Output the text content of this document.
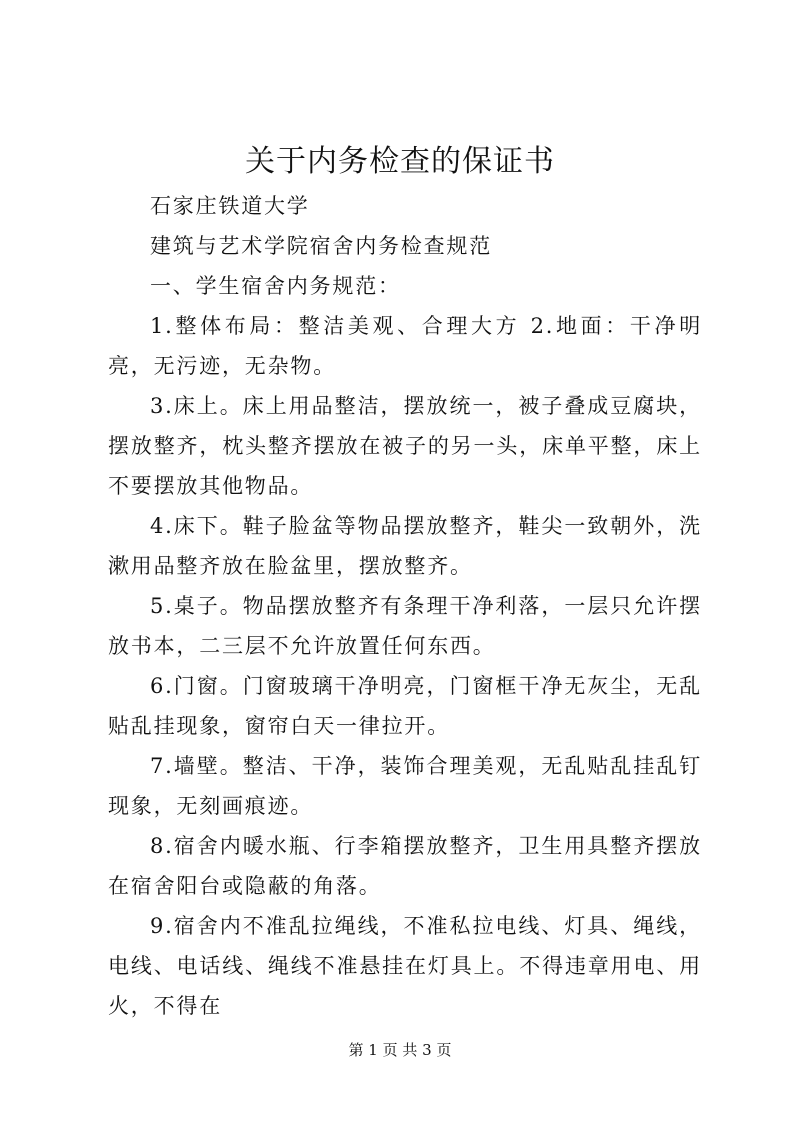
关于内务检查的保证书

石家庄铁道大学

建筑与艺术学院宿舍内务检查规范

一、学生宿舍内务规范：

1.整体布局：整洁美观、合理大方 2.地面：干净明亮，无污迹，无杂物。

3.床上。床上用品整洁，摆放统一，被子叠成豆腐块，摆放整齐，枕头整齐摆放在被子的另一头，床单平整，床上不要摆放其他物品。

4.床下。鞋子脸盆等物品摆放整齐，鞋尖一致朝外，洗漱用品整齐放在脸盆里，摆放整齐。

5.桌子。物品摆放整齐有条理干净利落，一层只允许摆放书本，二三层不允许放置任何东西。

6.门窗。门窗玻璃干净明亮，门窗框干净无灰尘，无乱贴乱挂现象，窗帘白天一律拉开。

7.墙壁。整洁、干净，装饰合理美观，无乱贴乱挂乱钉现象，无刻画痕迹。

8.宿舍内暖水瓶、行李箱摆放整齐，卫生用具整齐摆放在宿舍阳台或隐蔽的角落。

9.宿舍内不准乱拉绳线，不准私拉电线、灯具、绳线，电线、电话线、绳线不准悬挂在灯具上。不得违章用电、用火，不得在

第 1 页 共 3 页
